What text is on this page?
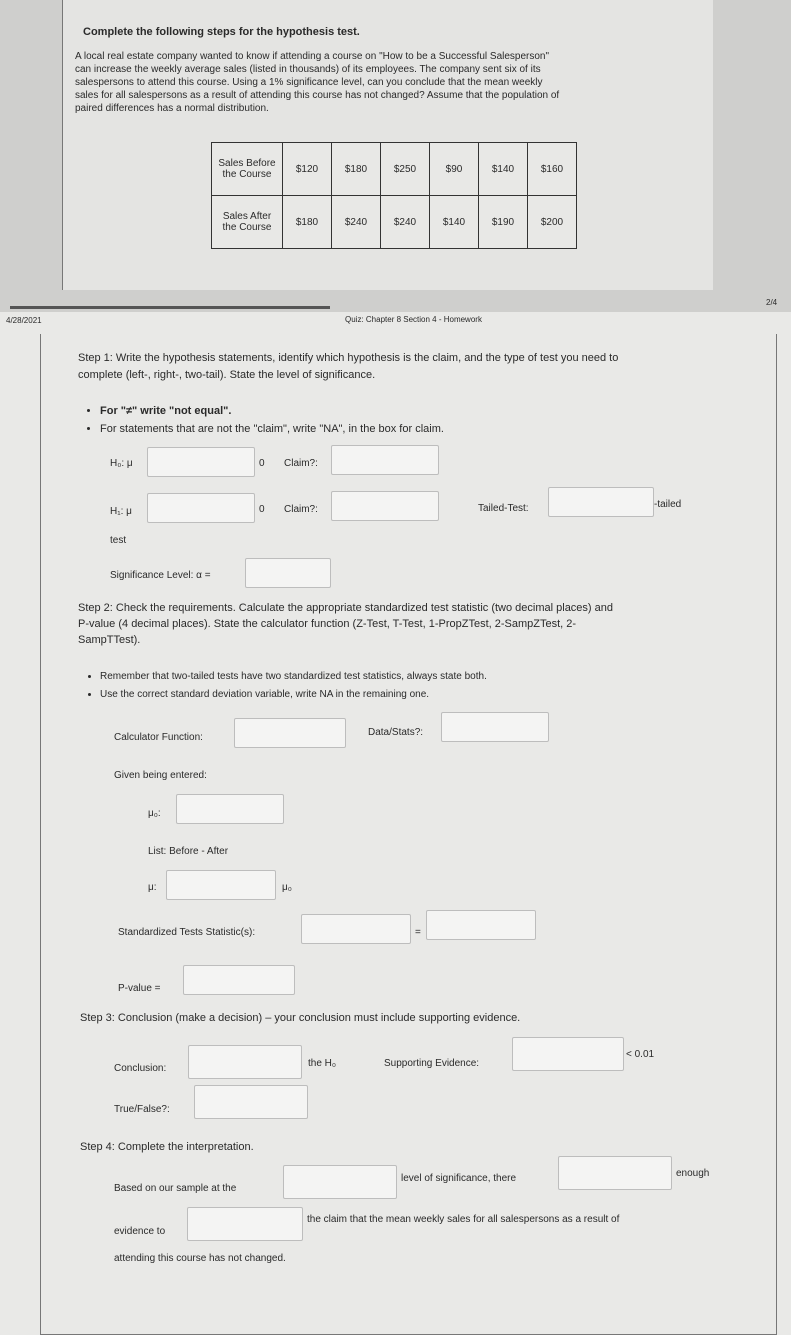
Complete the following steps for the hypothesis test.
A local real estate company wanted to know if attending a course on "How to be a Successful Salesperson"
can increase the weekly average sales (listed in thousands) of its employees. The company sent six of its
salespersons to attend this course. Using a 1% significance level, can you conclude that the mean weekly
sales for all salespersons as a result of attending this course has not changed? Assume that the population of
paired differences has a normal distribution.
Sales Before the Course	$120	$180	$250	$90	$140	$160
Sales After the Course	$180	$240	$240	$140	$190	$200
4/28/2021	Quiz: Chapter 8 Section 4 - Homework
2/4
Step 1: Write the hypothesis statements, identify which hypothesis is the claim, and the type of test you need to
complete (left-, right-, two-tail). State the level of significance.
• For "≠" write "not equal".
• For statements that are not the "claim", write "NA", in the box for claim.
H₀: μ	0 Claim?:
H₁: μ	0 Claim?:	Tailed-Test:	-tailed
test
Significance Level: α =
Step 2: Check the requirements. Calculate the appropriate standardized test statistic (two decimal places) and
P-value (4 decimal places). State the calculator function (Z-Test, T-Test, 1-PropZTest, 2-SampZTest, 2-
SampTTest).
• Remember that two-tailed tests have two standardized test statistics, always state both.
• Use the correct standard deviation variable, write NA in the remaining one.
Calculator Function:	Data/Stats?:
Given being entered:
μ₀:
List: Before - After
μ:	μ₀
Standardized Tests Statistic(s):	=
P-value =
Step 3: Conclusion (make a decision) – your conclusion must include supporting evidence.
Conclusion:	the H₀	Supporting Evidence:
< 0.01
True/False?:
Step 4: Complete the interpretation.
Based on our sample at the
level of significance, there	enough
evidence to
the claim that the mean weekly sales for all salespersons as a result of
attending this course has not changed.
